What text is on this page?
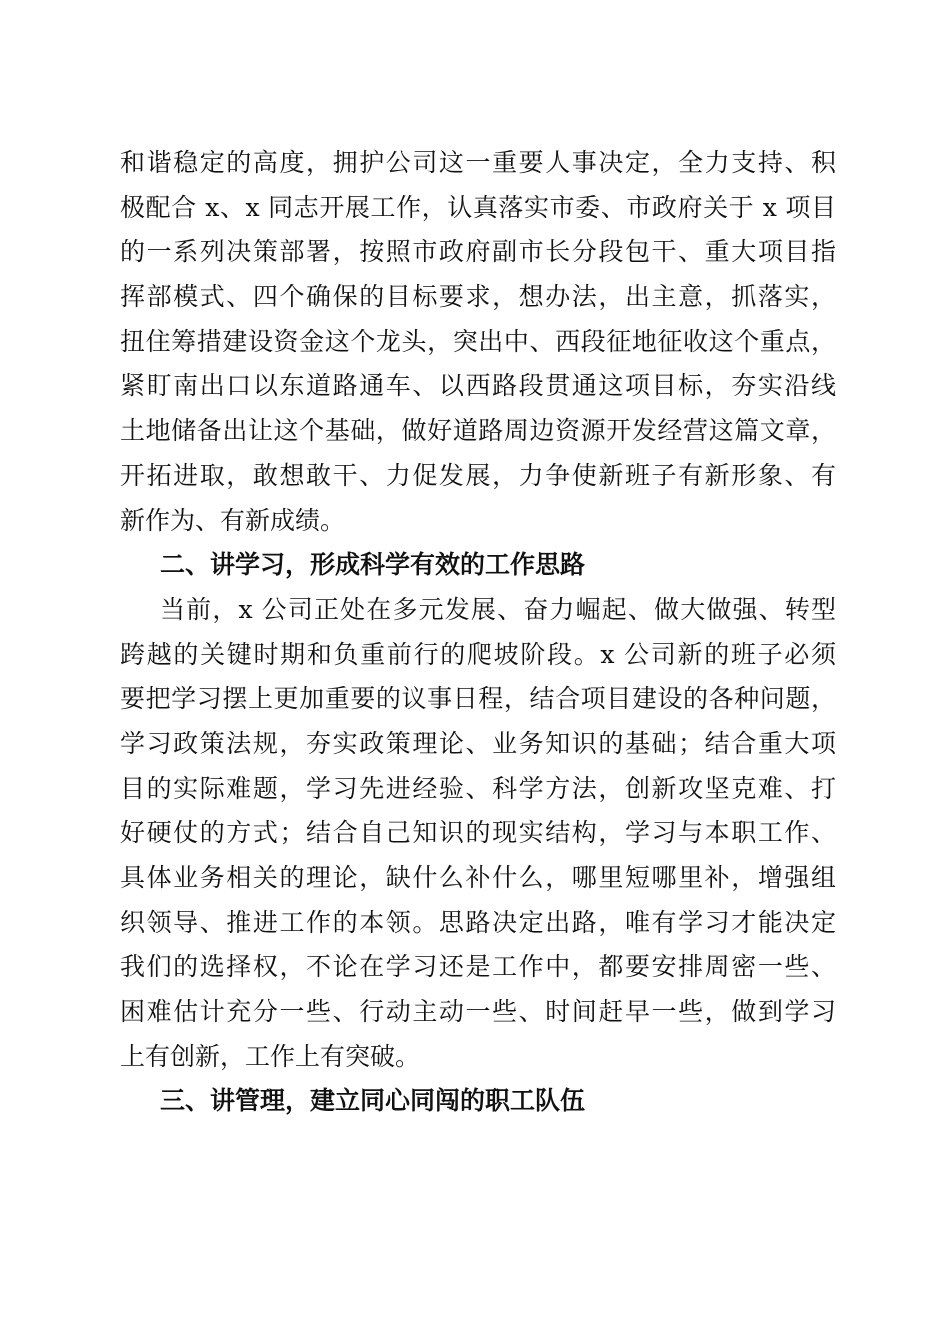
和谐稳定的高度，拥护公司这一重要人事决定，全力支持、积
极配合 x、x 同志开展工作，认真落实市委、市政府关于 x 项目
的一系列决策部署，按照市政府副市长分段包干、重大项目指
挥部模式、四个确保的目标要求，想办法，出主意，抓落实，
扭住筹措建设资金这个龙头，突出中、西段征地征收这个重点，
紧盯南出口以东道路通车、以西路段贯通这项目标，夯实沿线
土地储备出让这个基础，做好道路周边资源开发经营这篇文章，
开拓进取，敢想敢干、力促发展，力争使新班子有新形象、有
新作为、有新成绩。
二、讲学习，形成科学有效的工作思路
当前，x 公司正处在多元发展、奋力崛起、做大做强、转型
跨越的关键时期和负重前行的爬坡阶段。x 公司新的班子必须
要把学习摆上更加重要的议事日程，结合项目建设的各种问题，
学习政策法规，夯实政策理论、业务知识的基础；结合重大项
目的实际难题，学习先进经验、科学方法，创新攻坚克难、打
好硬仗的方式；结合自己知识的现实结构，学习与本职工作、
具体业务相关的理论，缺什么补什么，哪里短哪里补，增强组
织领导、推进工作的本领。思路决定出路，唯有学习才能决定
我们的选择权，不论在学习还是工作中，都要安排周密一些、
困难估计充分一些、行动主动一些、时间赶早一些，做到学习
上有创新，工作上有突破。
三、讲管理，建立同心同闯的职工队伍
